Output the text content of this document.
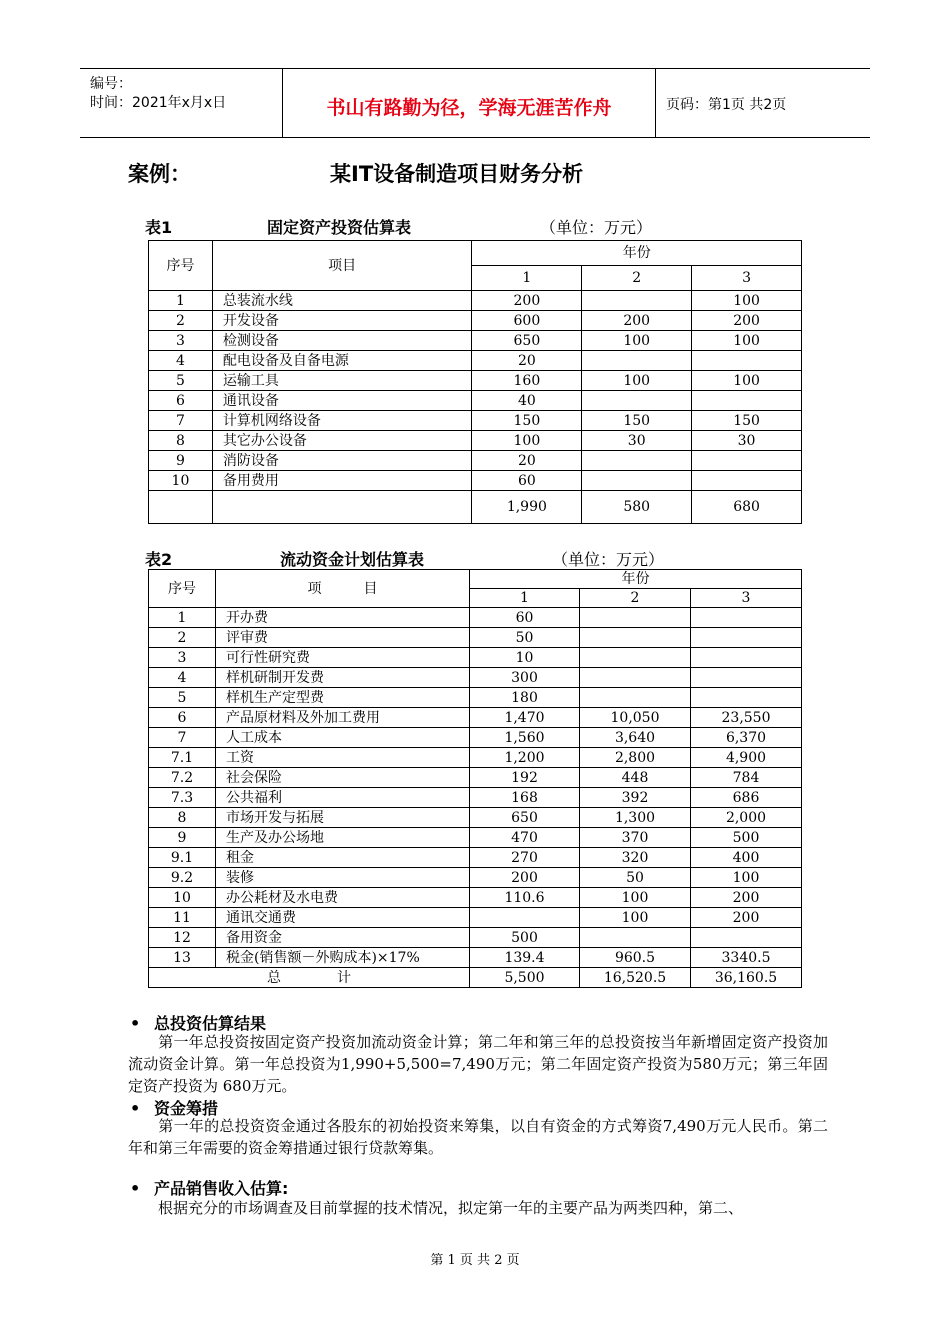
编号：
时间：2021年x月x日	书山有路勤为径，学海无涯苦作舟	页码：第1页 共2页
案例：	某IT设备制造项目财务分析
表1	固定资产投资估算表	（单位：万元）
序号	项目	年份		
		1	2	3
1	总装流水线	200		100
2	开发设备	600	200	200
3	检测设备	650	100	100
4	配电设备及自备电源	20		
5	运输工具	160	100	100
6	通讯设备	40		
7	计算机网络设备	150	150	150
8	其它办公设备	100	30	30
9	消防设备	20		
10	备用费用	60		
		1,990	580	680
表2	流动资金计划估算表	（单位：万元）
序号	项　　　目	年份		
		1	2	3
1	开办费	60		
2	评审费	50		
3	可行性研究费	10		
4	样机研制开发费	300		
5	样机生产定型费	180		
6	产品原材料及外加工费用	1,470	10,050	23,550
7	人工成本	1,560	3,640	6,370
7.1	工资	1,200	2,800	4,900
7.2	社会保险	192	448	784
7.3	公共福利	168	392	686
8	市场开发与拓展	650	1,300	2,000
9	生产及办公场地	470	370	500
9.1	租金	270	320	400
9.2	装修	200	50	100
10	办公耗材及水电费	110.6	100	200
11	通讯交通费		100	200
12	备用资金	500		
13	税金(销售额－外购成本)×17%	139.4	960.5	3340.5
总　　　　计		5,500	16,520.5	36,160.5
• 总投资估算结果
第一年总投资按固定资产投资加流动资金计算；第二年和第三年的总投资按当年新增固定资产投资加流动资金计算。第一年总投资为1,990+5,500=7,490万元；第二年固定资产投资为580万元；第三年固定资产投资为 680万元。
• 资金筹措
第一年的总投资资金通过各股东的初始投资来筹集，以自有资金的方式筹资7,490万元人民币。第二年和第三年需要的资金筹措通过银行贷款筹集。
• 产品销售收入估算:
根据充分的市场调查及目前掌握的技术情况，拟定第一年的主要产品为两类四种，第二、
第 1 页 共 2 页
